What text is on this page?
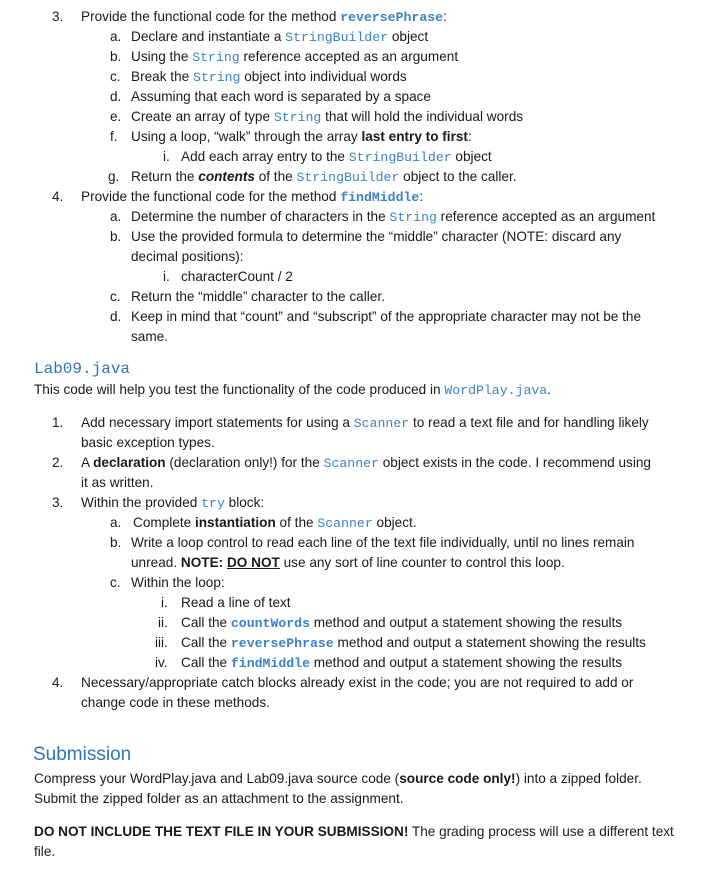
3. Provide the functional code for the method reversePhrase:
a. Declare and instantiate a StringBuilder object
b. Using the String reference accepted as an argument
c. Break the String object into individual words
d. Assuming that each word is separated by a space
e. Create an array of type String that will hold the individual words
f. Using a loop, “walk” through the array last entry to first:
i. Add each array entry to the StringBuilder object
g. Return the contents of the StringBuilder object to the caller.
4. Provide the functional code for the method findMiddle:
a. Determine the number of characters in the String reference accepted as an argument
b. Use the provided formula to determine the “middle” character (NOTE: discard any
decimal positions):
i. characterCount / 2
c. Return the “middle” character to the caller.
d. Keep in mind that “count” and “subscript” of the appropriate character may not be the
same.
Lab09.java
This code will help you test the functionality of the code produced in WordPlay.java.
1. Add necessary import statements for using a Scanner to read a text file and for handling likely
basic exception types.
2. A declaration (declaration only!) for the Scanner object exists in the code. I recommend using
it as written.
3. Within the provided try block:
a. Complete instantiation of the Scanner object.
b. Write a loop control to read each line of the text file individually, until no lines remain
unread. NOTE: DO NOT use any sort of line counter to control this loop.
c. Within the loop:
i. Read a line of text
ii. Call the countWords method and output a statement showing the results
iii. Call the reversePhrase method and output a statement showing the results
iv. Call the findMiddle method and output a statement showing the results
4. Necessary/appropriate catch blocks already exist in the code; you are not required to add or
change code in these methods.
Submission
Compress your WordPlay.java and Lab09.java source code (source code only!) into a zipped folder.
Submit the zipped folder as an attachment to the assignment.
DO NOT INCLUDE THE TEXT FILE IN YOUR SUBMISSION! The grading process will use a different text
file.
